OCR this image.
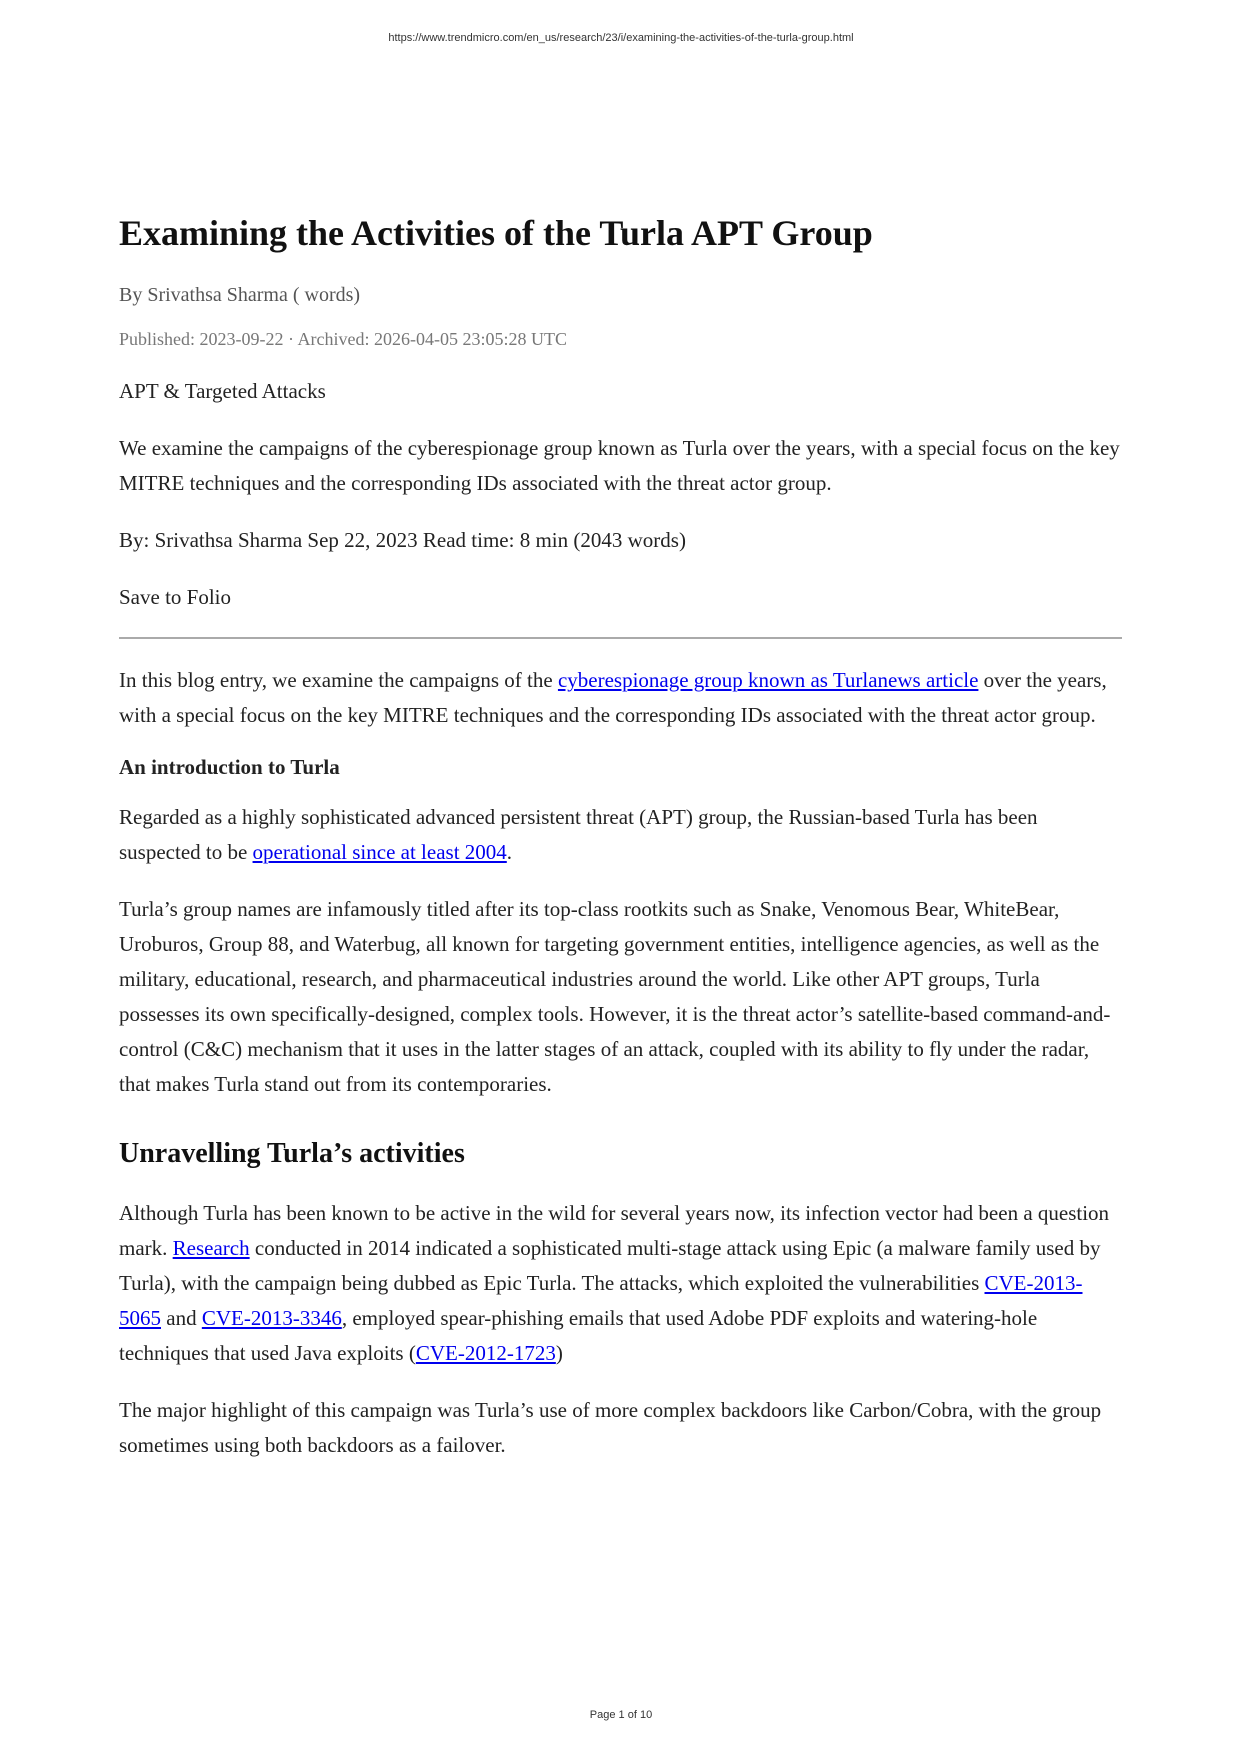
https://www.trendmicro.com/en_us/research/23/i/examining-the-activities-of-the-turla-group.html
Examining the Activities of the Turla APT Group
By Srivathsa Sharma ( words)
Published: 2023-09-22 · Archived: 2026-04-05 23:05:28 UTC

APT & Targeted Attacks

We examine the campaigns of the cyberespionage group known as Turla over the years, with a special focus on the key MITRE techniques and the corresponding IDs associated with the threat actor group.

By: Srivathsa Sharma Sep 22, 2023 Read time: 8 min (2043 words)

Save to Folio

In this blog entry, we examine the campaigns of the cyberespionage group known as Turlanews article over the years, with a special focus on the key MITRE techniques and the corresponding IDs associated with the threat actor group.

An introduction to Turla

Regarded as a highly sophisticated advanced persistent threat (APT) group, the Russian-based Turla has been suspected to be operational since at least 2004.

Turla’s group names are infamously titled after its top-class rootkits such as Snake, Venomous Bear, WhiteBear, Uroburos, Group 88, and Waterbug, all known for targeting government entities, intelligence agencies, as well as the military, educational, research, and pharmaceutical industries around the world. Like other APT groups, Turla possesses its own specifically-designed, complex tools. However, it is the threat actor’s satellite-based command-and-control (C&C) mechanism that it uses in the latter stages of an attack, coupled with its ability to fly under the radar, that makes Turla stand out from its contemporaries.

Unravelling Turla’s activities

Although Turla has been known to be active in the wild for several years now, its infection vector had been a question mark. Research conducted in 2014 indicated a sophisticated multi-stage attack using Epic (a malware family used by Turla), with the campaign being dubbed as Epic Turla. The attacks, which exploited the vulnerabilities CVE-2013-5065 and CVE-2013-3346, employed spear-phishing emails that used Adobe PDF exploits and watering-hole techniques that used Java exploits (CVE-2012-1723)

The major highlight of this campaign was Turla’s use of more complex backdoors like Carbon/Cobra, with the group sometimes using both backdoors as a failover.

Page 1 of 10
